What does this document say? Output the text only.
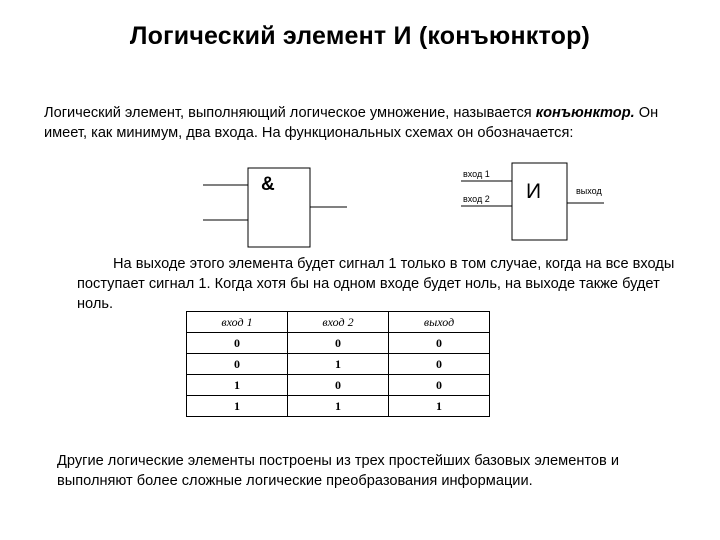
Логический элемент И (конъюнктор)

Логический элемент, выполняющий логическое умножение, называется конъюнктор. Он имеет, как минимум, два входа. На функциональных схемах он обозначается:

&	вход 1
вход 2 И	выход

На выходе этого элемента будет сигнал 1 только в том случае, когда на все входы поступает сигнал 1. Когда хотя бы на одном входе будет ноль, на выходе также будет ноль.

вход 1	вход 2	выход
0	0	0
0	1	0
1	0	0
1	1	1

Другие логические элементы построены из трех простейших базовых элементов и выполняют более сложные логические преобразования информации.
